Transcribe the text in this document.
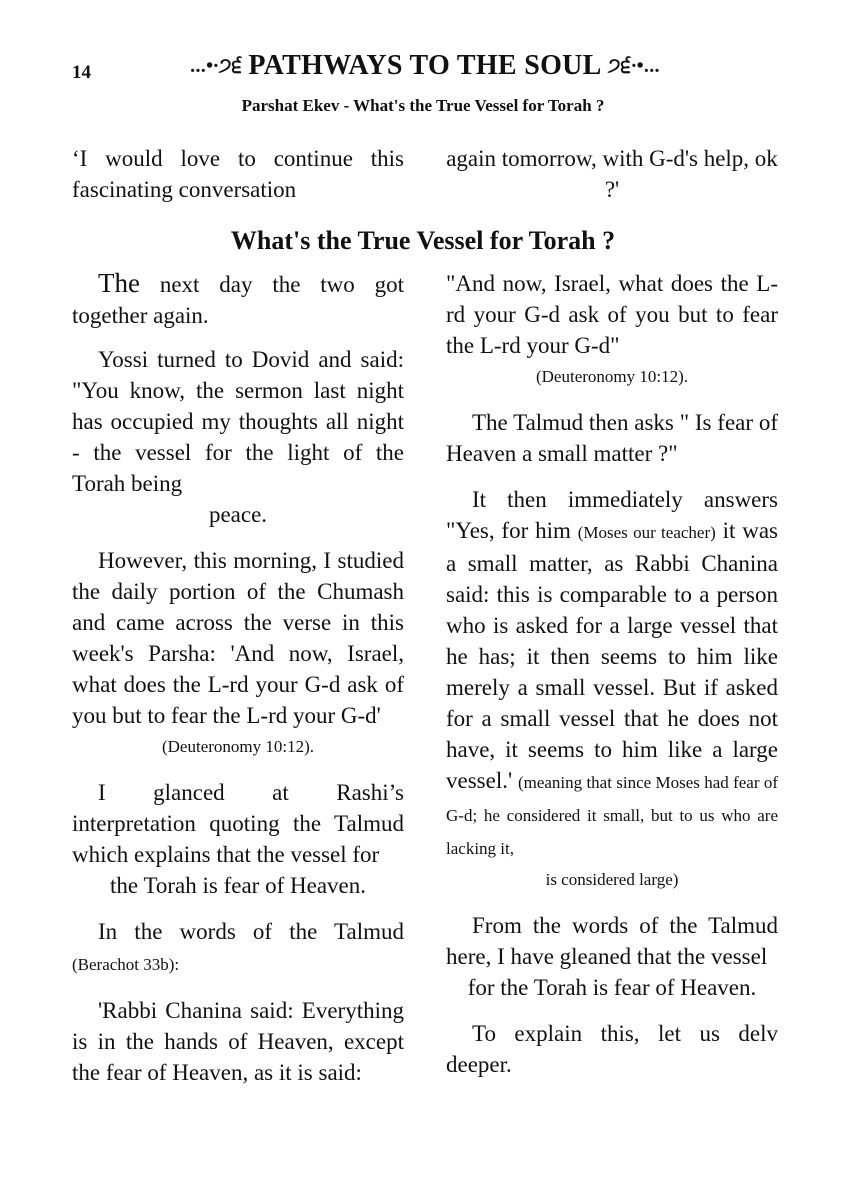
14	...•∙੭੬ PATHWAYS TO THE SOUL ੭੬∙•...
Parshat Ekev - What's the True Vessel for Torah ?

‘I would love to continue this fascinating conversation

again tomorrow, with G-d's help, ok ?'

What's the True Vessel for Torah ?

The next day the two got together again.

Yossi turned to Dovid and said: "You know, the sermon last night has occupied my thoughts all night - the vessel for the light of the Torah being

peace.

However, this morning, I studied the daily portion of the Chumash and came across the verse in this week's Parsha: 'And now, Israel, what does the L-rd your G-d ask of you but to fear the L-rd your G-d'

(Deuteronomy 10:12).

I glanced at Rashi’s interpretation quoting the Talmud which explains that the vessel for

the Torah is fear of Heaven.

In the words of the Talmud (Berachot 33b):

'Rabbi Chanina said: Everything is in the hands of Heaven, except the fear of Heaven, as it is said:

"And now, Israel, what does the L-rd your G-d ask of you but to fear the L-rd your G-d"

(Deuteronomy 10:12).

The Talmud then asks " Is fear of Heaven a small matter ?"

It then immediately answers "Yes, for him (Moses our teacher) it was a small matter, as Rabbi Chanina said: this is comparable to a person who is asked for a large vessel that he has; it then seems to him like merely a small vessel. But if asked for a small vessel that he does not have, it seems to him like a large vessel.' (meaning that since Moses had fear of G-d; he considered it small, but to us who are lacking it,

is considered large)

From the words of the Talmud here, I have gleaned that the vessel

for the Torah is fear of Heaven.

To explain this, let us delv deeper.
